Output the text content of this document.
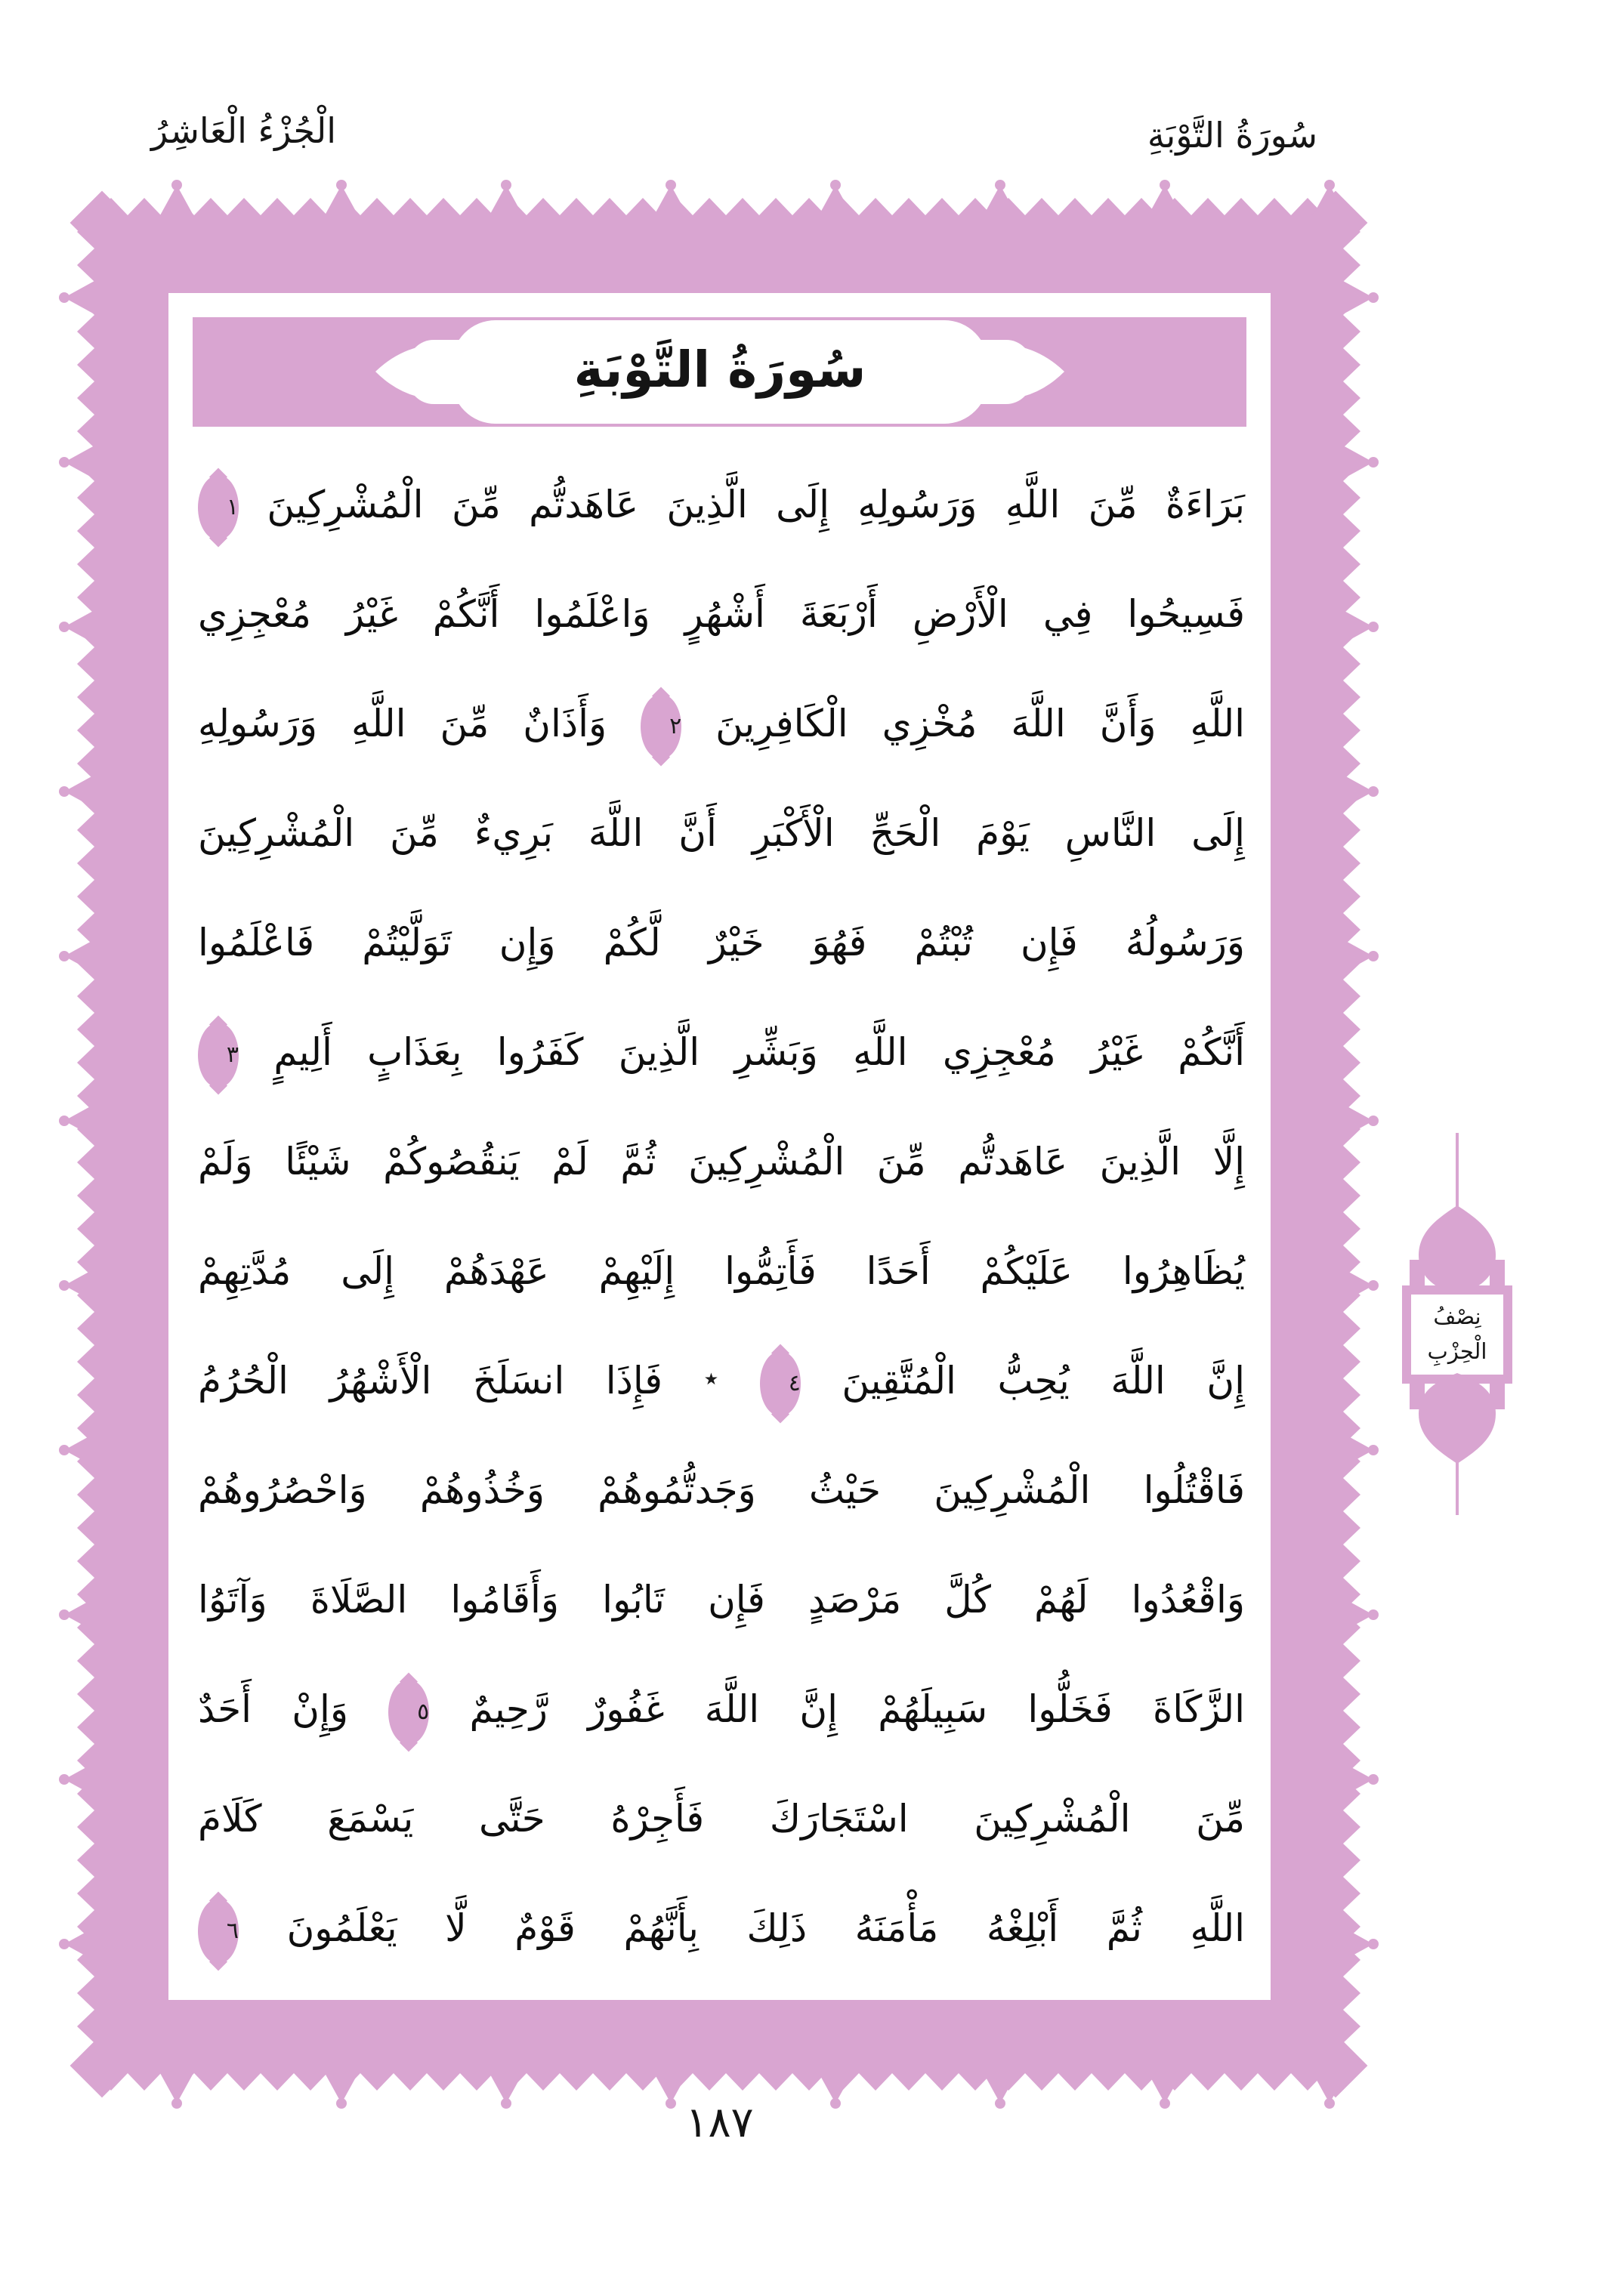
الْجُزْءُ الْعَاشِرُ	سُورَةُ التَّوْبَةِ
سُورَةُ التَّوْبَةِ
بَرَاءَةٌ مِّنَ اللَّهِ وَرَسُولِهِ إِلَى الَّذِينَ عَاهَدتُّم مِّنَ الْمُشْرِكِينَ ١
فَسِيحُوا فِي الْأَرْضِ أَرْبَعَةَ أَشْهُرٍ وَاعْلَمُوا أَنَّكُمْ غَيْرُ مُعْجِزِي
اللَّهِ وَأَنَّ اللَّهَ مُخْزِي الْكَافِرِينَ ٢ وَأَذَانٌ مِّنَ اللَّهِ وَرَسُولِهِ
إِلَى النَّاسِ يَوْمَ الْحَجِّ الْأَكْبَرِ أَنَّ اللَّهَ بَرِيءٌ مِّنَ الْمُشْرِكِينَ
وَرَسُولُهُ فَإِن تُبْتُمْ فَهُوَ خَيْرٌ لَّكُمْ وَإِن تَوَلَّيْتُمْ فَاعْلَمُوا
أَنَّكُمْ غَيْرُ مُعْجِزِي اللَّهِ وَبَشِّرِ الَّذِينَ كَفَرُوا بِعَذَابٍ أَلِيمٍ ٣
إِلَّا الَّذِينَ عَاهَدتُّم مِّنَ الْمُشْرِكِينَ ثُمَّ لَمْ يَنقُصُوكُمْ شَيْئًا وَلَمْ
يُظَاهِرُوا عَلَيْكُمْ أَحَدًا فَأَتِمُّوا إِلَيْهِمْ عَهْدَهُمْ إِلَى مُدَّتِهِمْ
إِنَّ اللَّهَ يُحِبُّ الْمُتَّقِينَ ٤ ٭ فَإِذَا انسَلَخَ الْأَشْهُرُ الْحُرُمُ
فَاقْتُلُوا الْمُشْرِكِينَ حَيْثُ وَجَدتُّمُوهُمْ وَخُذُوهُمْ وَاحْصُرُوهُمْ
وَاقْعُدُوا لَهُمْ كُلَّ مَرْصَدٍ فَإِن تَابُوا وَأَقَامُوا الصَّلَاةَ وَآتَوُا
الزَّكَاةَ فَخَلُّوا سَبِيلَهُمْ إِنَّ اللَّهَ غَفُورٌ رَّحِيمٌ ٥ وَإِنْ أَحَدٌ
مِّنَ الْمُشْرِكِينَ اسْتَجَارَكَ فَأَجِرْهُ حَتَّى يَسْمَعَ كَلَامَ
اللَّهِ ثُمَّ أَبْلِغْهُ مَأْمَنَهُ ذَلِكَ بِأَنَّهُمْ قَوْمٌ لَّا يَعْلَمُونَ ٦
نِصْفُ
الْحِزْبِ
١٨٧
